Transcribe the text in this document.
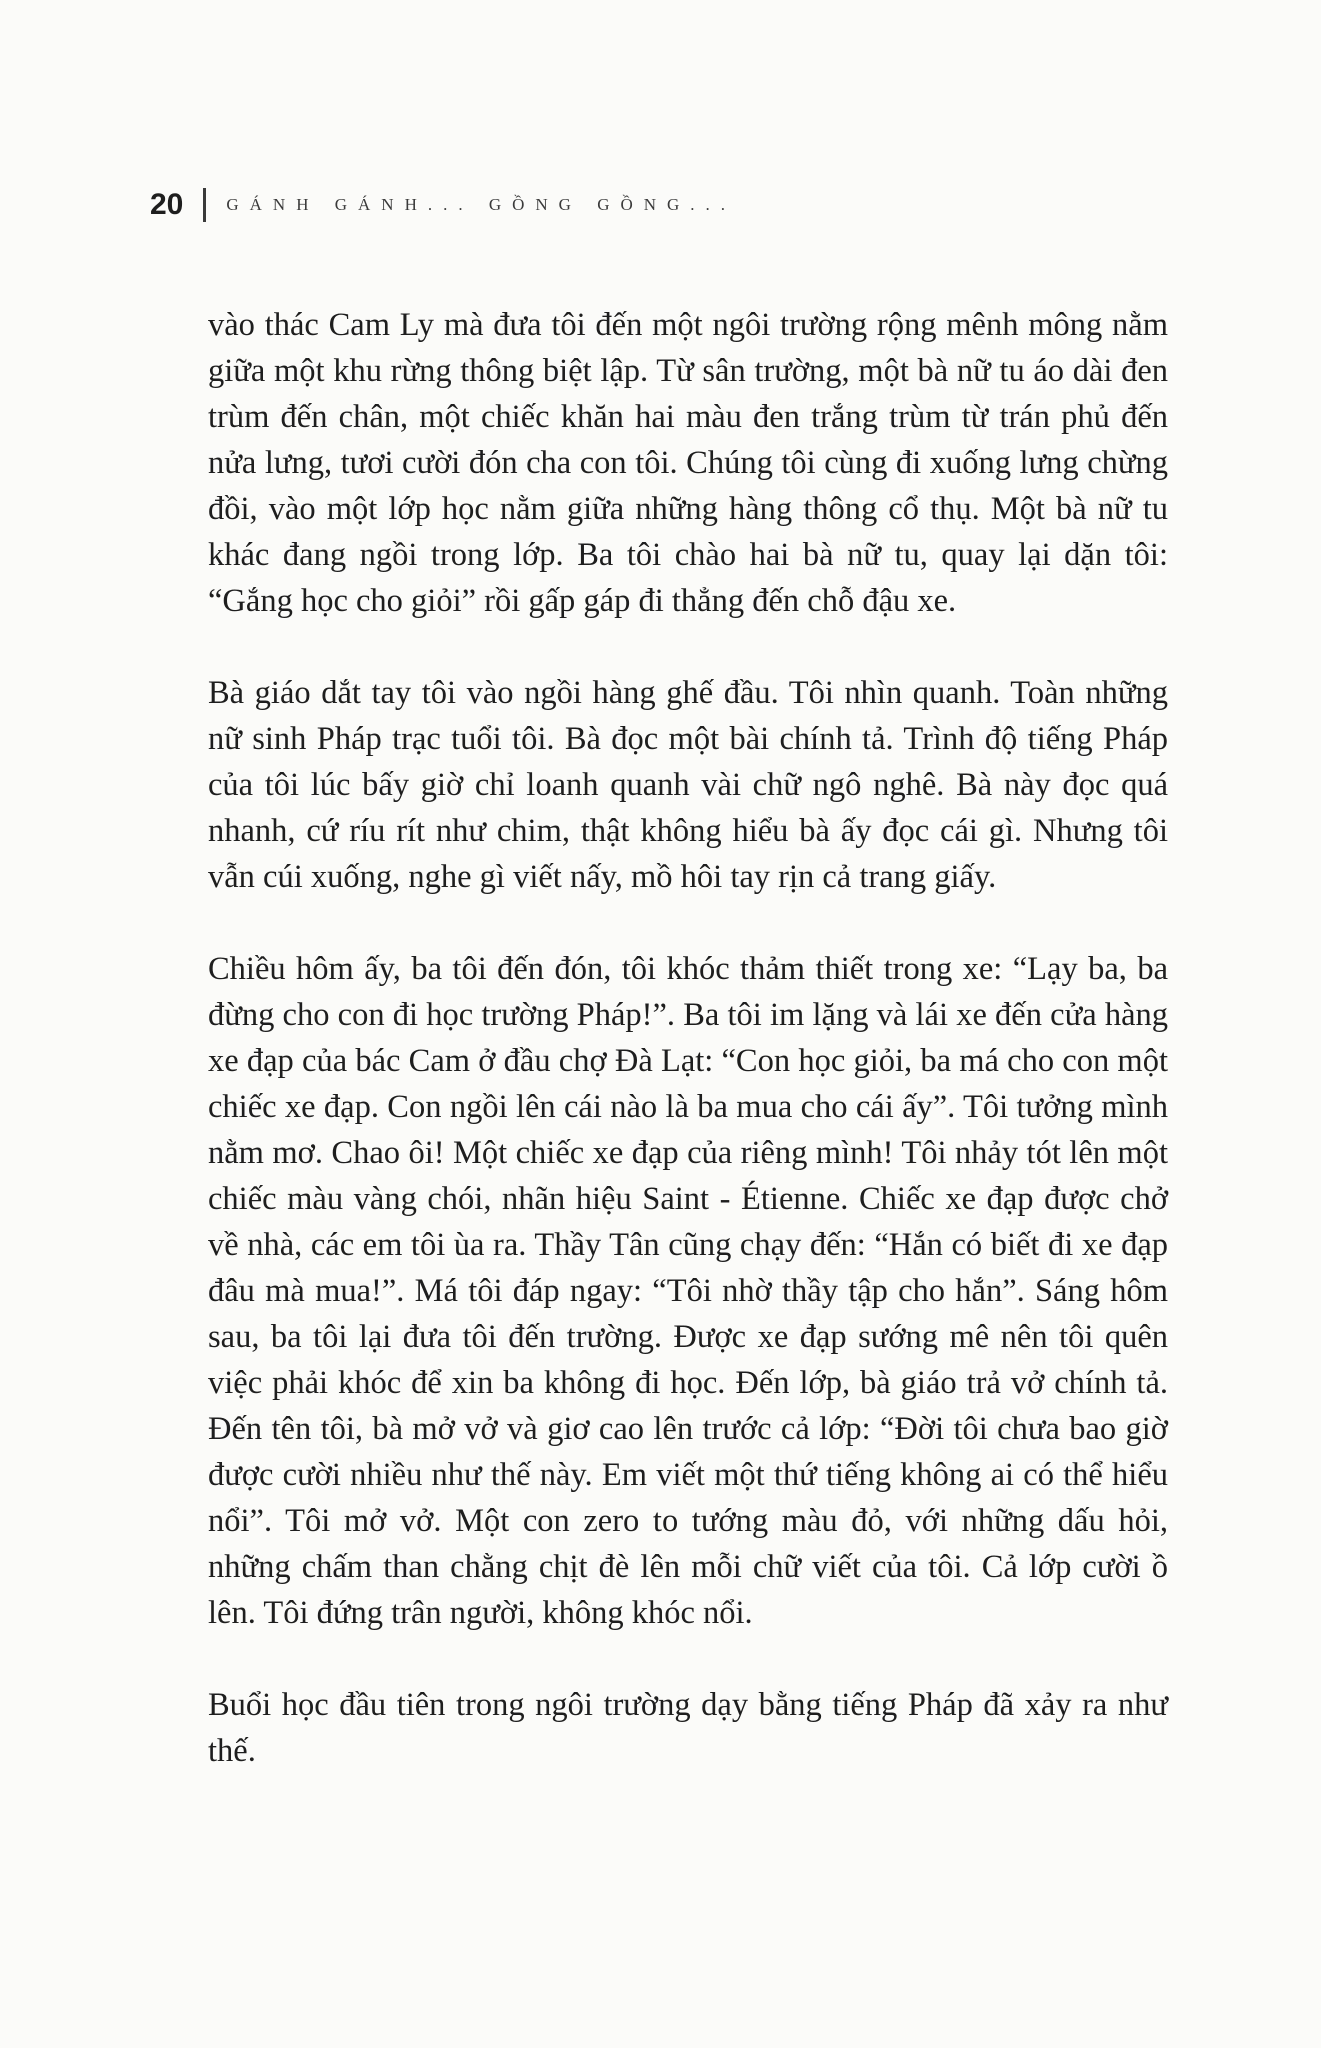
20	GÁNH GÁNH... GỒNG GỒNG...

vào thác Cam Ly mà đưa tôi đến một ngôi trường rộng mênh mông nằm giữa một khu rừng thông biệt lập. Từ sân trường, một bà nữ tu áo dài đen trùm đến chân, một chiếc khăn hai màu đen trắng trùm từ trán phủ đến nửa lưng, tươi cười đón cha con tôi. Chúng tôi cùng đi xuống lưng chừng đồi, vào một lớp học nằm giữa những hàng thông cổ thụ. Một bà nữ tu khác đang ngồi trong lớp. Ba tôi chào hai bà nữ tu, quay lại dặn tôi: “Gắng học cho giỏi” rồi gấp gáp đi thẳng đến chỗ đậu xe.

Bà giáo dắt tay tôi vào ngồi hàng ghế đầu. Tôi nhìn quanh. Toàn những nữ sinh Pháp trạc tuổi tôi. Bà đọc một bài chính tả. Trình độ tiếng Pháp của tôi lúc bấy giờ chỉ loanh quanh vài chữ ngô nghê. Bà này đọc quá nhanh, cứ ríu rít như chim, thật không hiểu bà ấy đọc cái gì. Nhưng tôi vẫn cúi xuống, nghe gì viết nấy, mồ hôi tay rịn cả trang giấy.

Chiều hôm ấy, ba tôi đến đón, tôi khóc thảm thiết trong xe: “Lạy ba, ba đừng cho con đi học trường Pháp!”. Ba tôi im lặng và lái xe đến cửa hàng xe đạp của bác Cam ở đầu chợ Đà Lạt: “Con học giỏi, ba má cho con một chiếc xe đạp. Con ngồi lên cái nào là ba mua cho cái ấy”. Tôi tưởng mình nằm mơ. Chao ôi! Một chiếc xe đạp của riêng mình! Tôi nhảy tót lên một chiếc màu vàng chói, nhãn hiệu Saint - Étienne. Chiếc xe đạp được chở về nhà, các em tôi ùa ra. Thầy Tân cũng chạy đến: “Hắn có biết đi xe đạp đâu mà mua!”. Má tôi đáp ngay: “Tôi nhờ thầy tập cho hắn”. Sáng hôm sau, ba tôi lại đưa tôi đến trường. Được xe đạp sướng mê nên tôi quên việc phải khóc để xin ba không đi học. Đến lớp, bà giáo trả vở chính tả. Đến tên tôi, bà mở vở và giơ cao lên trước cả lớp: “Đời tôi chưa bao giờ được cười nhiều như thế này. Em viết một thứ tiếng không ai có thể hiểu nổi”. Tôi mở vở. Một con zero to tướng màu đỏ, với những dấu hỏi, những chấm than chằng chịt đè lên mỗi chữ viết của tôi. Cả lớp cười ồ lên. Tôi đứng trân người, không khóc nổi.

Buổi học đầu tiên trong ngôi trường dạy bằng tiếng Pháp đã xảy ra như thế.
